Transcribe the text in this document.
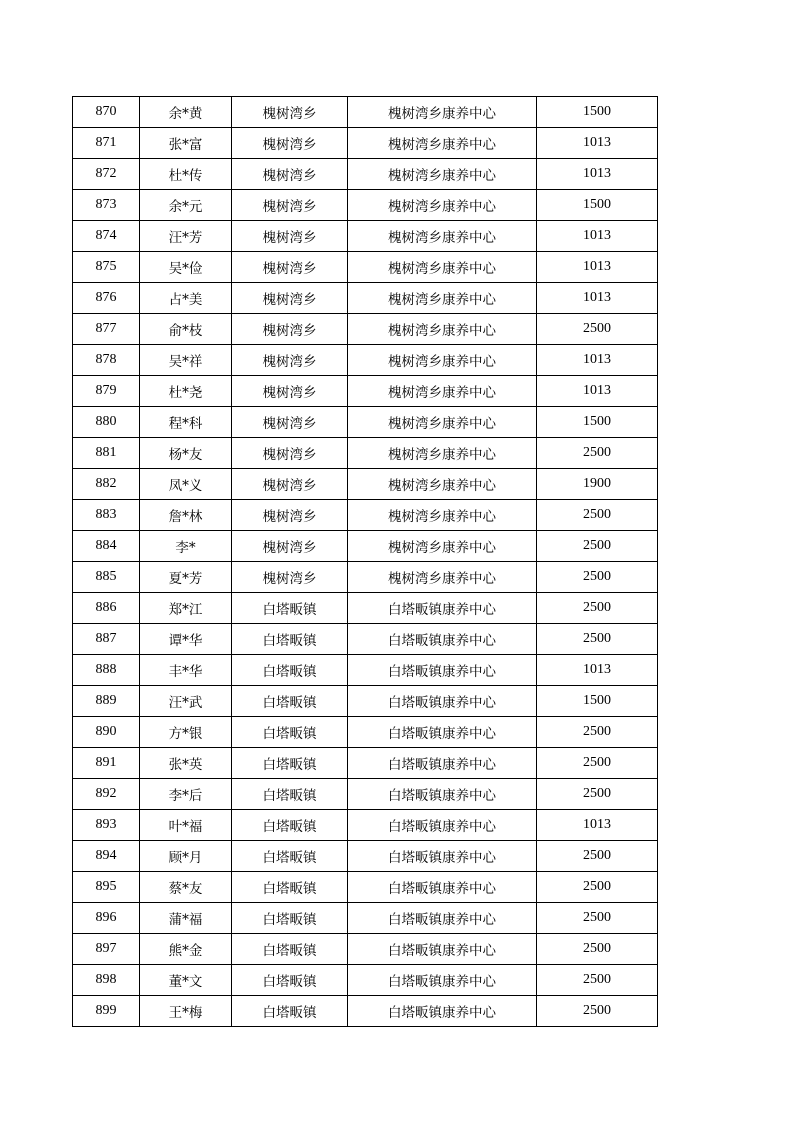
870	余*黄	槐树湾乡	槐树湾乡康养中心	1500
871	张*富	槐树湾乡	槐树湾乡康养中心	1013
872	杜*传	槐树湾乡	槐树湾乡康养中心	1013
873	余*元	槐树湾乡	槐树湾乡康养中心	1500
874	汪*芳	槐树湾乡	槐树湾乡康养中心	1013
875	吴*俭	槐树湾乡	槐树湾乡康养中心	1013
876	占*美	槐树湾乡	槐树湾乡康养中心	1013
877	俞*枝	槐树湾乡	槐树湾乡康养中心	2500
878	吴*祥	槐树湾乡	槐树湾乡康养中心	1013
879	杜*尧	槐树湾乡	槐树湾乡康养中心	1013
880	程*科	槐树湾乡	槐树湾乡康养中心	1500
881	杨*友	槐树湾乡	槐树湾乡康养中心	2500
882	凤*义	槐树湾乡	槐树湾乡康养中心	1900
883	詹*林	槐树湾乡	槐树湾乡康养中心	2500
884	李*	槐树湾乡	槐树湾乡康养中心	2500
885	夏*芳	槐树湾乡	槐树湾乡康养中心	2500
886	郑*江	白塔畈镇	白塔畈镇康养中心	2500
887	谭*华	白塔畈镇	白塔畈镇康养中心	2500
888	丰*华	白塔畈镇	白塔畈镇康养中心	1013
889	汪*武	白塔畈镇	白塔畈镇康养中心	1500
890	方*银	白塔畈镇	白塔畈镇康养中心	2500
891	张*英	白塔畈镇	白塔畈镇康养中心	2500
892	李*后	白塔畈镇	白塔畈镇康养中心	2500
893	叶*福	白塔畈镇	白塔畈镇康养中心	1013
894	顾*月	白塔畈镇	白塔畈镇康养中心	2500
895	蔡*友	白塔畈镇	白塔畈镇康养中心	2500
896	蒲*福	白塔畈镇	白塔畈镇康养中心	2500
897	熊*金	白塔畈镇	白塔畈镇康养中心	2500
898	董*文	白塔畈镇	白塔畈镇康养中心	2500
899	王*梅	白塔畈镇	白塔畈镇康养中心	2500
